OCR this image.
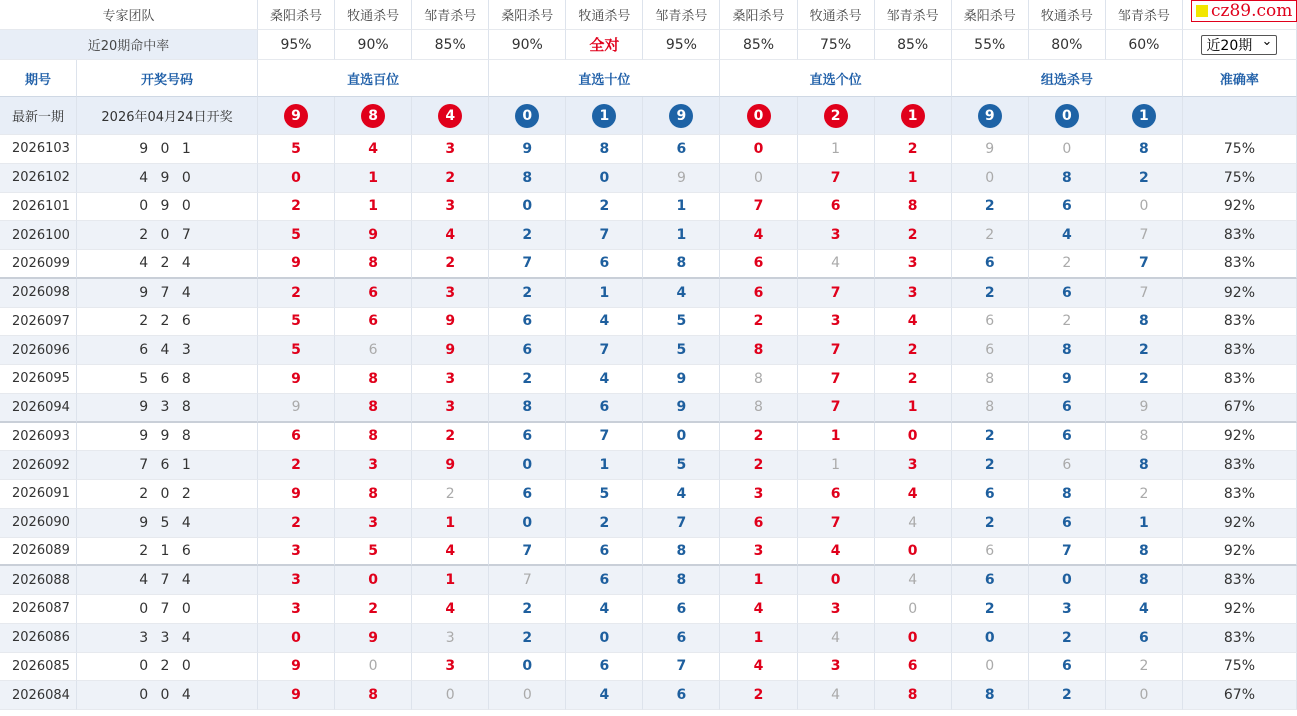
专家团队	桑阳杀号	牧通杀号	邹青杀号	桑阳杀号	牧通杀号	邹青杀号	桑阳杀号	牧通杀号	邹青杀号	桑阳杀号	牧通杀号	邹青杀号
近20期命中率	95%	90%	85%	90%	全对	95%	85%	75%	85%	55%	80%	60%	近20期 ⌄
期号	开奖号码	直选百位	直选十位	直选个位	组选杀号	准确率
最新一期	2026年04月24日开奖	9	8	4	0	1	9	0	2	1	9	0	1
2026103	9 0 1	5	4	3	9	8	6	0	1	2	9	0	8	75%
2026102	4 9 0	0	1	2	8	0	9	0	7	1	0	8	2	75%
2026101	0 9 0	2	1	3	0	2	1	7	6	8	2	6	0	92%
2026100	2 0 7	5	9	4	2	7	1	4	3	2	2	4	7	83%
2026099	4 2 4	9	8	2	7	6	8	6	4	3	6	2	7	83%
2026098	9 7 4	2	6	3	2	1	4	6	7	3	2	6	7	92%
2026097	2 2 6	5	6	9	6	4	5	2	3	4	6	2	8	83%
2026096	6 4 3	5	6	9	6	7	5	8	7	2	6	8	2	83%
2026095	5 6 8	9	8	3	2	4	9	8	7	2	8	9	2	83%
2026094	9 3 8	9	8	3	8	6	9	8	7	1	8	6	9	67%
2026093	9 9 8	6	8	2	6	7	0	2	1	0	2	6	8	92%
2026092	7 6 1	2	3	9	0	1	5	2	1	3	2	6	8	83%
2026091	2 0 2	9	8	2	6	5	4	3	6	4	6	8	2	83%
2026090	9 5 4	2	3	1	0	2	7	6	7	4	2	6	1	92%
2026089	2 1 6	3	5	4	7	6	8	3	4	0	6	7	8	92%
2026088	4 7 4	3	0	1	7	6	8	1	0	4	6	0	8	83%
2026087	0 7 0	3	2	4	2	4	6	4	3	0	2	3	4	92%
2026086	3 3 4	0	9	3	2	0	6	1	4	0	0	2	6	83%
2026085	0 2 0	9	0	3	0	6	7	4	3	6	0	6	2	75%
2026084	0 0 4	9	8	0	0	4	6	2	4	8	8	2	0	67%
cz89.com
